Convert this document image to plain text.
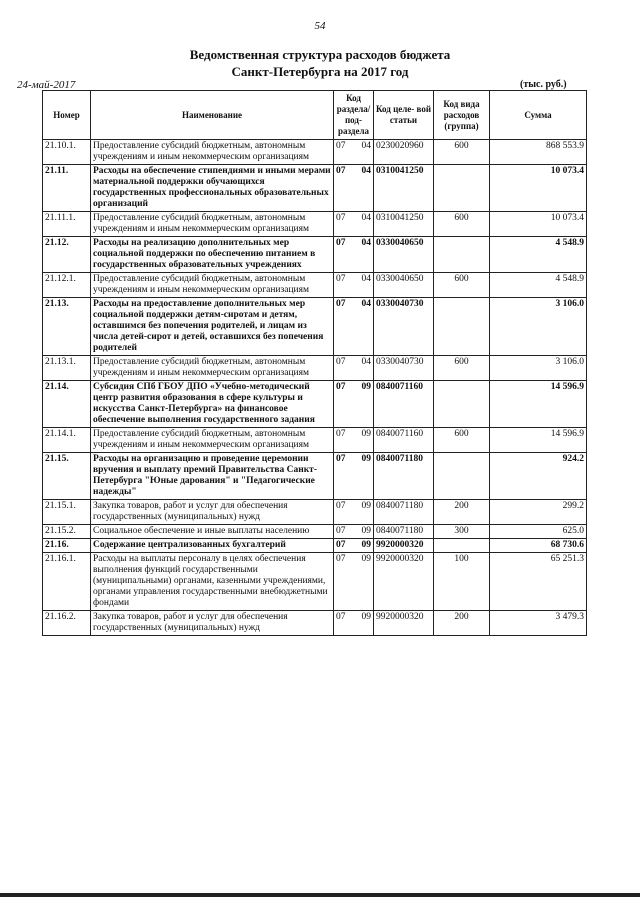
54
Ведомственная структура расходов бюджета
Санкт-Петербурга на 2017 год
24-май-2017	(тыс. руб.)
Номер	Наименование	Код раздела/ под- раздела	Код целе- вой статьи	Код вида расходов (группа)	Сумма
21.10.1.	Предоставление субсидий бюджетным, автономным учреждениям и иным некоммерческим организациям	07 04	0230020960	600	868 553.9
21.11.	Расходы на обеспечение стипендиями и иными мерами материальной поддержки обучающихся государственных профессиональных образовательных организаций	07 04	0310041250		10 073.4
21.11.1.	Предоставление субсидий бюджетным, автономным учреждениям и иным некоммерческим организациям	07 04	0310041250	600	10 073.4
21.12.	Расходы на реализацию дополнительных мер социальной поддержки по обеспечению питанием в государственных образовательных учреждениях	07 04	0330040650		4 548.9
21.12.1.	Предоставление субсидий бюджетным, автономным учреждениям и иным некоммерческим организациям	07 04	0330040650	600	4 548.9
21.13.	Расходы на предоставление дополнительных мер социальной поддержки детям-сиротам и детям, оставшимся без попечения родителей, и лицам из числа детей-сирот и детей, оставшихся без попечения родителей	07 04	0330040730		3 106.0
21.13.1.	Предоставление субсидий бюджетным, автономным учреждениям и иным некоммерческим организациям	07 04	0330040730	600	3 106.0
21.14.	Субсидия СПб ГБОУ ДПО «Учебно-методический центр развития образования в сфере культуры и искусства Санкт-Петербурга» на финансовое обеспечение выполнения государственного задания	07 09	0840071160		14 596.9
21.14.1.	Предоставление субсидий бюджетным, автономным учреждениям и иным некоммерческим организациям	07 09	0840071160	600	14 596.9
21.15.	Расходы на организацию и проведение церемонии вручения и выплату премий Правительства Санкт-Петербурга "Юные дарования" и "Педагогические надежды"	07 09	0840071180		924.2
21.15.1.	Закупка товаров, работ и услуг для обеспечения государственных (муниципальных) нужд	07 09	0840071180	200	299.2
21.15.2.	Социальное обеспечение и иные выплаты населению	07 09	0840071180	300	625.0
21.16.	Содержание централизованных бухгалтерий	07 09	9920000320		68 730.6
21.16.1.	Расходы на выплаты персоналу в целях обеспечения выполнения функций государственными (муниципальными) органами, казенными учреждениями, органами управления государственными внебюджетными фондами	07 09	9920000320	100	65 251.3
21.16.2.	Закупка товаров, работ и услуг для обеспечения государственных (муниципальных) нужд	07 09	9920000320	200	3 479.3
